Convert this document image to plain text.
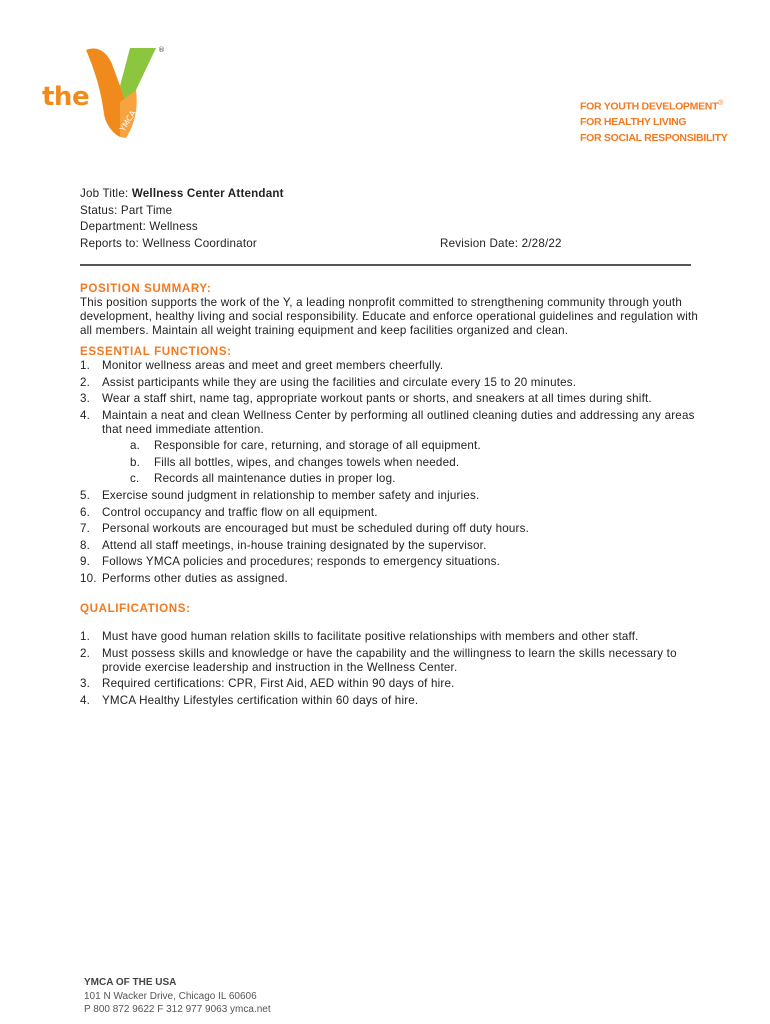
the
YMCA
®
FOR YOUTH DEVELOPMENT®
FOR HEALTHY LIVING
FOR SOCIAL RESPONSIBILITY
Job Title: Wellness Center Attendant
Status: Part Time
Department: Wellness
Reports to: Wellness Coordinator	Revision Date: 2/28/22
POSITION SUMMARY:
This position supports the work of the Y, a leading nonprofit committed to strengthening community through youth development, healthy living and social responsibility. Educate and enforce operational guidelines and regulation with all members. Maintain all weight training equipment and keep facilities organized and clean.
ESSENTIAL FUNCTIONS:
1. Monitor wellness areas and meet and greet members cheerfully.
2. Assist participants while they are using the facilities and circulate every 15 to 20 minutes.
3. Wear a staff shirt, name tag, appropriate workout pants or shorts, and sneakers at all times during shift.
4. Maintain a neat and clean Wellness Center by performing all outlined cleaning duties and addressing any areas that need immediate attention.
a. Responsible for care, returning, and storage of all equipment.
b. Fills all bottles, wipes, and changes towels when needed.
c. Records all maintenance duties in proper log.
5. Exercise sound judgment in relationship to member safety and injuries.
6. Control occupancy and traffic flow on all equipment.
7. Personal workouts are encouraged but must be scheduled during off duty hours.
8. Attend all staff meetings, in-house training designated by the supervisor.
9. Follows YMCA policies and procedures; responds to emergency situations.
10. Performs other duties as assigned.
QUALIFICATIONS:
1. Must have good human relation skills to facilitate positive relationships with members and other staff.
2. Must possess skills and knowledge or have the capability and the willingness to learn the skills necessary to provide exercise leadership and instruction in the Wellness Center.
3. Required certifications: CPR, First Aid, AED within 90 days of hire.
4. YMCA Healthy Lifestyles certification within 60 days of hire.
YMCA OF THE USA
101 N Wacker Drive, Chicago IL 60606
P 800 872 9622 F 312 977 9063 ymca.net
